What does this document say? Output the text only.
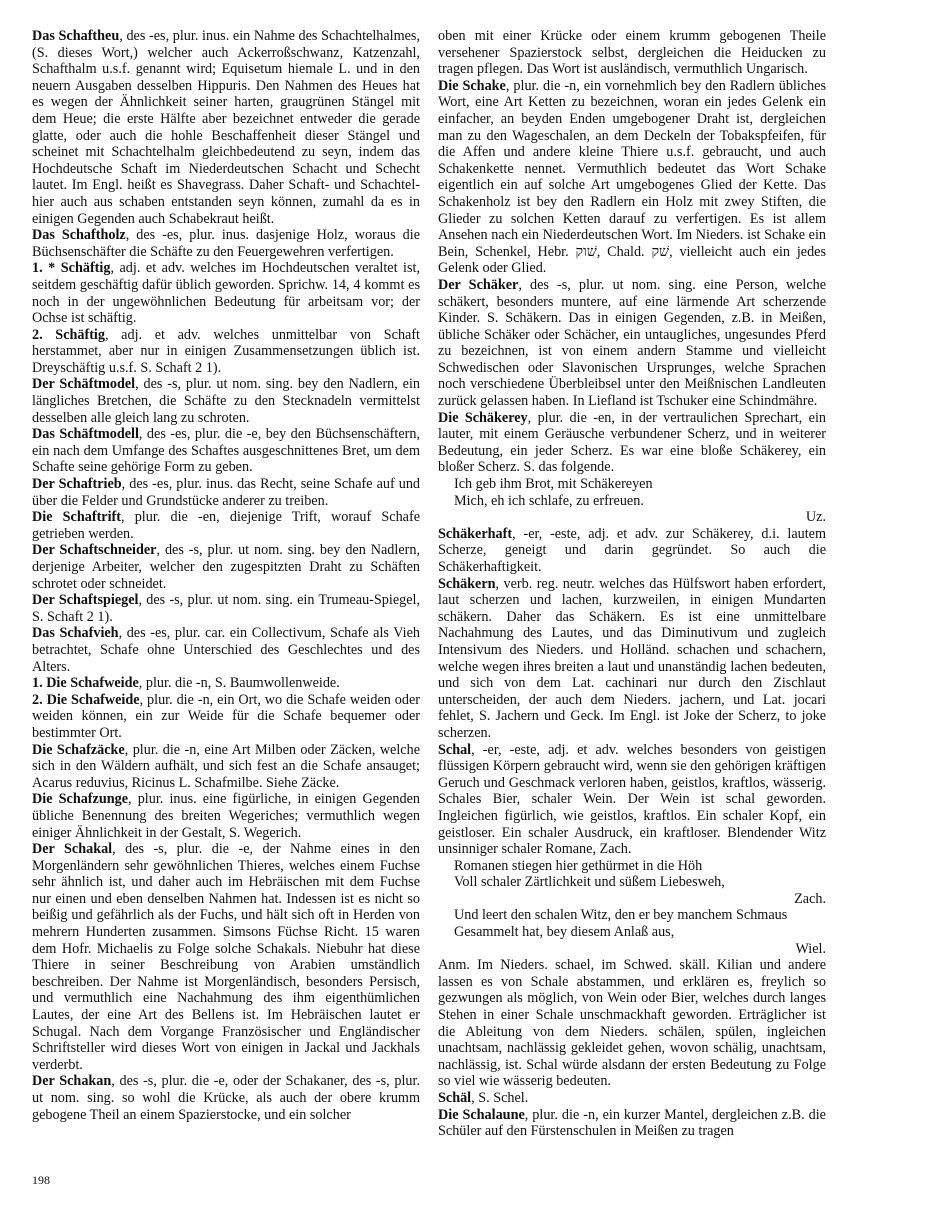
Das Schaftheu, des -es, plur. inus. ein Nahme des Schachtelhalmes, (S. dieses Wort,) welcher auch Ackerroßschwanz, Katzenzahl, Schafthalm u.s.f. genannt wird; Equisetum hiemale L. und in den neuern Ausgaben desselben Hippuris. Den Nahmen des Heues hat es wegen der Ähnlichkeit seiner harten, graugrünen Stängel mit dem Heue; die erste Hälfte aber bezeichnet entweder die gerade glatte, oder auch die hohle Beschaffenheit dieser Stängel und scheinet mit Schachtelhalm gleichbedeutend zu seyn, indem das Hochdeutsche Schaft im Niederdeutschen Schacht und Schecht lautet. Im Engl. heißt es Shavegrass. Daher Schaft- und Schachtel- hier auch aus schaben entstanden seyn können, zumahl da es in einigen Gegenden auch Schabekraut heißt.

Das Schaftholz, des -es, plur. inus. dasjenige Holz, woraus die Büchsenschäfter die Schäfte zu den Feuergewehren verfertigen.

1. * Schäftig, adj. et adv. welches im Hochdeutschen veraltet ist, seitdem geschäftig dafür üblich geworden. Sprichw. 14, 4 kommt es noch in der ungewöhnlichen Bedeutung für arbeitsam vor; der Ochse ist schäftig.

2. Schäftig, adj. et adv. welches unmittelbar von Schaft herstammet, aber nur in einigen Zusammensetzungen üblich ist. Dreyschäftig u.s.f. S. Schaft 2 1).

Der Schäftmodel, des -s, plur. ut nom. sing. bey den Nadlern, ein längliches Bretchen, die Schäfte zu den Stecknadeln vermittelst desselben alle gleich lang zu schroten.

Das Schäftmodell, des -es, plur. die -e, bey den Büchsenschäftern, ein nach dem Umfange des Schaftes ausgeschnittenes Bret, um dem Schafte seine gehörige Form zu geben.

Der Schaftrieb, des -es, plur. inus. das Recht, seine Schafe auf und über die Felder und Grundstücke anderer zu treiben.

Die Schaftrift, plur. die -en, diejenige Trift, worauf Schafe getrieben werden.

Der Schaftschneider, des -s, plur. ut nom. sing. bey den Nadlern, derjenige Arbeiter, welcher den zugespitzten Draht zu Schäften schrotet oder schneidet.

Der Schaftspiegel, des -s, plur. ut nom. sing. ein Trumeau-Spiegel, S. Schaft 2 1).

Das Schafvieh, des -es, plur. car. ein Collectivum, Schafe als Vieh betrachtet, Schafe ohne Unterschied des Geschlechtes und des Alters.

1. Die Schafweide, plur. die -n, S. Baumwollenweide.

2. Die Schafweide, plur. die -n, ein Ort, wo die Schafe weiden oder weiden können, ein zur Weide für die Schafe bequemer oder bestimmter Ort.

Die Schafzäcke, plur. die -n, eine Art Milben oder Zäcken, welche sich in den Wäldern aufhält, und sich fest an die Schafe ansauget; Acarus reduvius, Ricinus L. Schafmilbe. Siehe Zäcke.

Die Schafzunge, plur. inus. eine figürliche, in einigen Gegenden übliche Benennung des breiten Wegeriches; vermuthlich wegen einiger Ähnlichkeit in der Gestalt, S. Wegerich.

Der Schakal, des -s, plur. die -e, der Nahme eines in den Morgenländern sehr gewöhnlichen Thieres, welches einem Fuchse sehr ähnlich ist, und daher auch im Hebräischen mit dem Fuchse nur einen und eben denselben Nahmen hat. Indessen ist es nicht so beißig und gefährlich als der Fuchs, und hält sich oft in Herden von mehrern Hunderten zusammen. Simsons Füchse Richt. 15 waren dem Hofr. Michaelis zu Folge solche Schakals. Niebuhr hat diese Thiere in seiner Beschreibung von Arabien umständlich beschreiben. Der Nahme ist Morgenländisch, besonders Persisch, und vermuthlich eine Nachahmung des ihm eigenthümlichen Lautes, der eine Art des Bellens ist. Im Hebräischen lautet er Schugal. Nach dem Vorgange Französischer und Engländischer Schriftsteller wird dieses Wort von einigen in Jackal und Jackhals verderbt.

Der Schakan, des -s, plur. die -e, oder der Schakaner, des -s, plur. ut nom. sing. so wohl die Krücke, als auch der obere krumm gebogene Theil an einem Spazierstocke, und ein solcher

oben mit einer Krücke oder einem krumm gebogenen Theile versehener Spazierstock selbst, dergleichen die Heiducken zu tragen pflegen. Das Wort ist ausländisch, vermuthlich Ungarisch.

Die Schake, plur. die -n, ein vornehmlich bey den Radlern übliches Wort, eine Art Ketten zu bezeichnen, woran ein jedes Gelenk ein einfacher, an beyden Enden umgebogener Draht ist, dergleichen man zu den Wageschalen, an dem Deckeln der Tobakspfeifen, für die Affen und andere kleine Thiere u.s.f. gebraucht, und auch Schakenkette nennet. Vermuthlich bedeutet das Wort Schake eigentlich ein auf solche Art umgebogenes Glied der Kette. Das Schakenholz ist bey den Radlern ein Holz mit zwey Stiften, die Glieder zu solchen Ketten darauf zu verfertigen. Es ist allem Ansehen nach ein Niederdeutschen Wort. Im Nieders. ist Schake ein Bein, Schenkel, Hebr. שׁוק, Chald. שׁק, vielleicht auch ein jedes Gelenk oder Glied.

Der Schäker, des -s, plur. ut nom. sing. eine Person, welche schäkert, besonders muntere, auf eine lärmende Art scherzende Kinder. S. Schäkern. Das in einigen Gegenden, z.B. in Meißen, übliche Schäker oder Schächer, ein untaugliches, ungesundes Pferd zu bezeichnen, ist von einem andern Stamme und vielleicht Schwedischen oder Slavonischen Ursprunges, welche Sprachen noch verschiedene Überbleibsel unter den Meißnischen Landleuten zurück gelassen haben. In Liefland ist Tschuker eine Schindmähre.

Die Schäkerey, plur. die -en, in der vertraulichen Sprechart, ein lauter, mit einem Geräusche verbundener Scherz, und in weiterer Bedeutung, ein jeder Scherz. Es war eine bloße Schäkerey, ein bloßer Scherz. S. das folgende.

Ich geb ihm Brot, mit Schäkereyen

Mich, eh ich schlafe, zu erfreuen.

Uz.

Schäkerhaft, -er, -este, adj. et adv. zur Schäkerey, d.i. lautem Scherze, geneigt und darin gegründet. So auch die Schäkerhaftigkeit.

Schäkern, verb. reg. neutr. welches das Hülfswort haben erfordert, laut scherzen und lachen, kurzweilen, in einigen Mundarten schäkern. Daher das Schäkern. Es ist eine unmittelbare Nachahmung des Lautes, und das Diminutivum und zugleich Intensivum des Nieders. und Holländ. schachen und schachern, welche wegen ihres breiten a laut und unanständig lachen bedeuten, und sich von dem Lat. cachinari nur durch den Zischlaut unterscheiden, der auch dem Nieders. jachern, und Lat. jocari fehlet, S. Jachern und Geck. Im Engl. ist Joke der Scherz, to joke scherzen.

Schal, -er, -este, adj. et adv. welches besonders von geistigen flüssigen Körpern gebraucht wird, wenn sie den gehörigen kräftigen Geruch und Geschmack verloren haben, geistlos, kraftlos, wässerig. Schales Bier, schaler Wein. Der Wein ist schal geworden. Ingleichen figürlich, wie geistlos, kraftlos. Ein schaler Kopf, ein geistloser. Ein schaler Ausdruck, ein kraftloser. Blendender Witz unsinniger schaler Romane, Zach.

Romanen stiegen hier gethürmet in die Höh

Voll schaler Zärtlichkeit und süßem Liebesweh,

Zach.

Und leert den schalen Witz, den er bey manchem Schmaus

Gesammelt hat, bey diesem Anlaß aus,

Wiel.

Anm. Im Nieders. schael, im Schwed. skäll. Kilian und andere lassen es von Schale abstammen, und erklären es, freylich so gezwungen als möglich, von Wein oder Bier, welches durch langes Stehen in einer Schale unschmackhaft geworden. Erträglicher ist die Ableitung von dem Nieders. schälen, spülen, ingleichen unachtsam, nachlässig gekleidet gehen, wovon schälig, unachtsam, nachlässig, ist. Schal würde alsdann der ersten Bedeutung zu Folge so viel wie wässerig bedeuten.

Schäl, S. Schel.

Die Schalaune, plur. die -n, ein kurzer Mantel, dergleichen z.B. die Schüler auf den Fürstenschulen in Meißen zu tragen

198
